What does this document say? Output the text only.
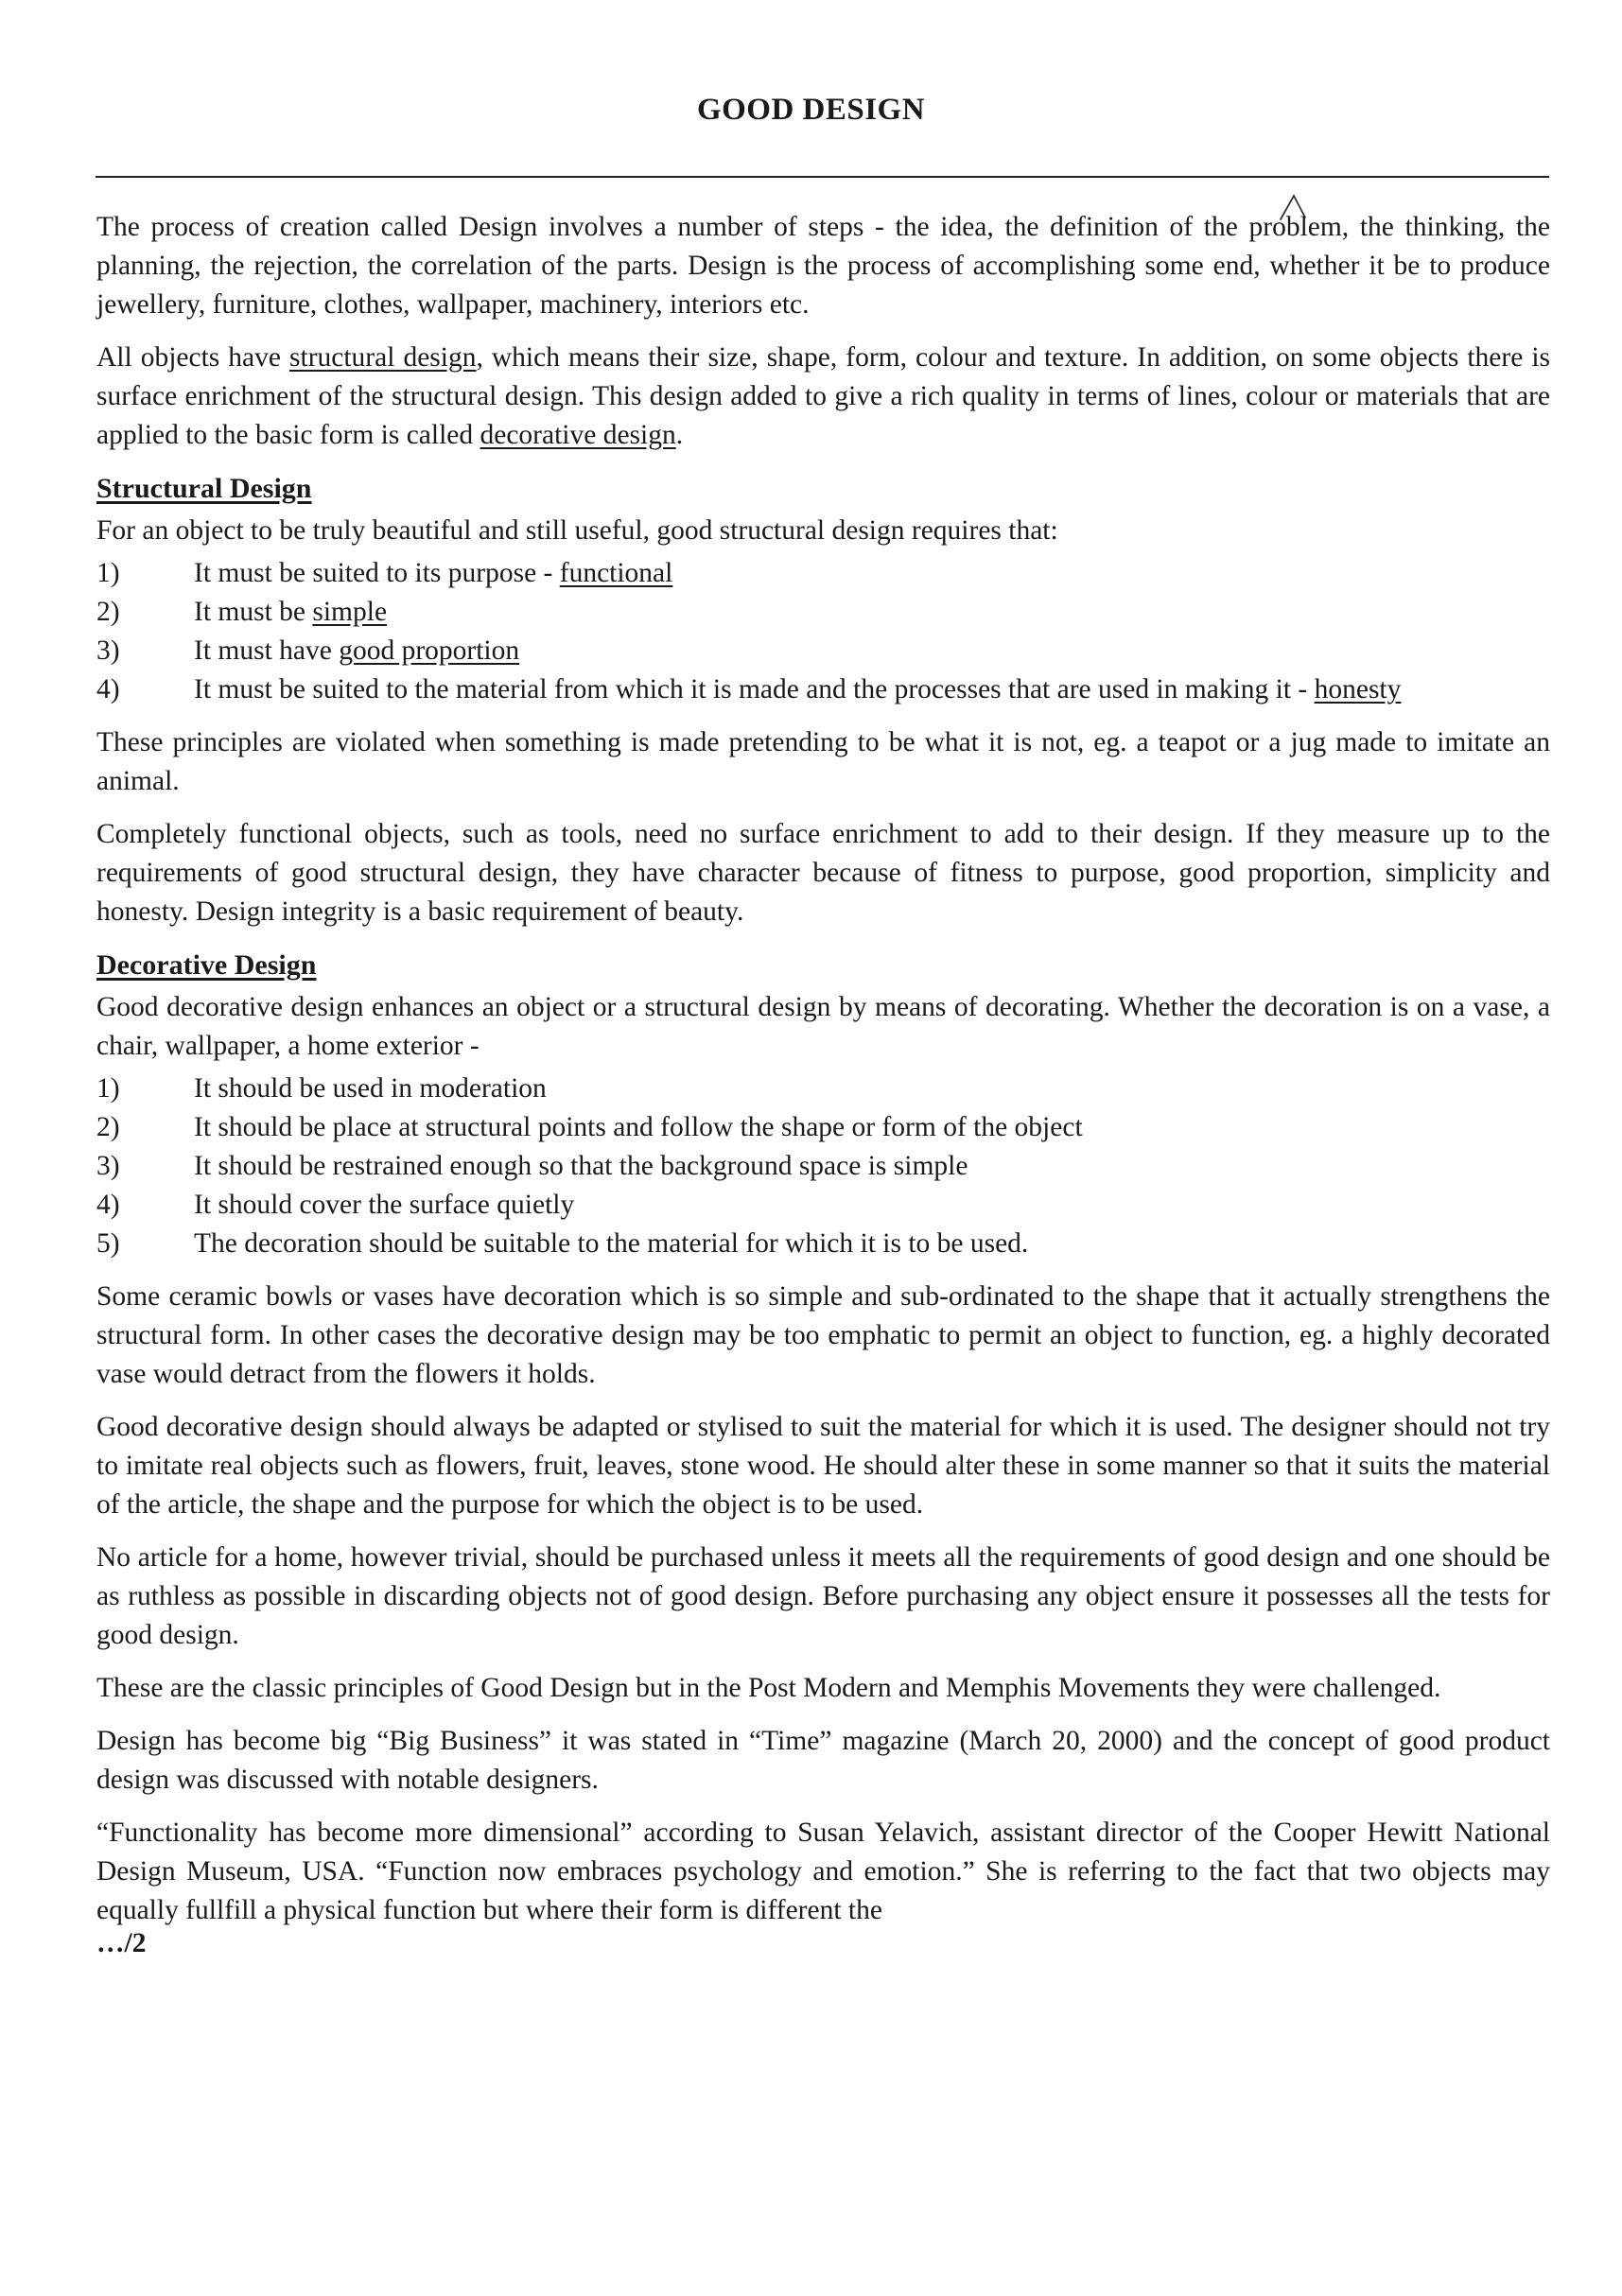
GOOD DESIGN

The process of creation called Design involves a number of steps - the idea, the definition of the problem, the thinking, the planning, the rejection, the correlation of the parts. Design is the process of accomplishing some end, whether it be to produce jewellery, furniture, clothes, wallpaper, machinery, interiors etc.

All objects have structural design, which means their size, shape, form, colour and texture. In addition, on some objects there is surface enrichment of the structural design. This design added to give a rich quality in terms of lines, colour or materials that are applied to the basic form is called decorative design.

Structural Design

For an object to be truly beautiful and still useful, good structural design requires that:

1)	It must be suited to its purpose - functional
2)	It must be simple
3)	It must have good proportion
4)	It must be suited to the material from which it is made and the processes that are used in making it - honesty

These principles are violated when something is made pretending to be what it is not, eg. a teapot or a jug made to imitate an animal.

Completely functional objects, such as tools, need no surface enrichment to add to their design. If they measure up to the requirements of good structural design, they have character because of fitness to purpose, good proportion, simplicity and honesty. Design integrity is a basic requirement of beauty.

Decorative Design

Good decorative design enhances an object or a structural design by means of decorating. Whether the decoration is on a vase, a chair, wallpaper, a home exterior -

1)	It should be used in moderation
2)	It should be place at structural points and follow the shape or form of the object
3)	It should be restrained enough so that the background space is simple
4)	It should cover the surface quietly
5)	The decoration should be suitable to the material for which it is to be used.

Some ceramic bowls or vases have decoration which is so simple and sub-ordinated to the shape that it actually strengthens the structural form. In other cases the decorative design may be too emphatic to permit an object to function, eg. a highly decorated vase would detract from the flowers it holds.

Good decorative design should always be adapted or stylised to suit the material for which it is used. The designer should not try to imitate real objects such as flowers, fruit, leaves, stone wood. He should alter these in some manner so that it suits the material of the article, the shape and the purpose for which the object is to be used.

No article for a home, however trivial, should be purchased unless it meets all the requirements of good design and one should be as ruthless as possible in discarding objects not of good design. Before purchasing any object ensure it possesses all the tests for good design.

These are the classic principles of Good Design but in the Post Modern and Memphis Movements they were challenged.

Design has become big “Big Business” it was stated in “Time” magazine (March 20, 2000) and the concept of good product design was discussed with notable designers.

“Functionality has become more dimensional” according to Susan Yelavich, assistant director of the Cooper Hewitt National Design Museum, USA. “Function now embraces psychology and emotion.” She is referring to the fact that two objects may equally fullfill a physical function but where their form is different the

…/2
